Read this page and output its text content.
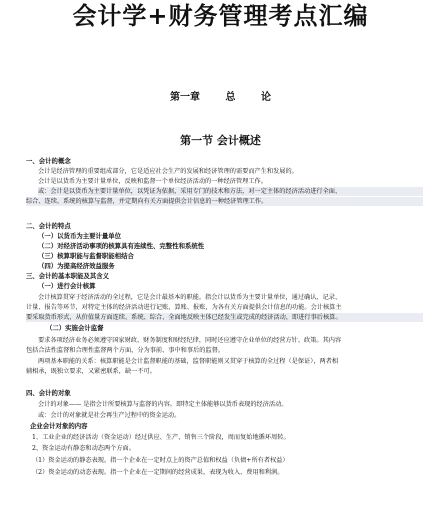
会计学+财务管理考点汇编
第一章 总 论
第一节 会计概述
一、会计的概念
会计是经济管理的重要组成部分，它是适应社会生产的发展和经济管理的需要而产生和发展的。
会计是以货币为主要计量单位，反映和监督一个单位经济活动的一种经济管理工作。
或：会计是以货币为主要计量单位，以凭证为依据，采用专门的技术和方法，对一定主体的经济活动进行全面、
综合、连续、系统的核算与监督，并定期向有关方面提供会计信息的一种经济管理工作。
二、会计的特点
（一）以货币为主要计量单位
（二）对经济活动事项的核算具有连续性、完整性和系统性
（三）核算职能与监督职能相结合
（四）为提高经济效益服务
三、会计的基本职能及其含义
（一）进行会计核算
会计核算贯穿于经济活动的全过程，它是会计最基本的职能。指会计以货币为主要计量单位，通过确认、记录、
计量、报告等环节，对特定主体的经济活动进行记账、算账、报账，为各有关方面提供会计信息的功能。会计核算主
要采取货币形式，从价值量方面连续、系统、综合、全面地反映主体已经发生或完成的经济活动，即进行事后核算。
（二）实施会计监督
要求各项经济业务必须遵守国家财政、财务制度和财经纪律，同时还应遵守企业单位的经营方针、政策。其内容
包括合法性监督和合理性监督两个方面，分为事前、事中和事后的监督。
两项基本职能的关系：核算职能是会计监督职能的基础，监督职能则又贯穿于核算的全过程（是保证），两者相
辅相承，既独立要求，又紧密联系，缺一不可。
四、会计的对象
会计的对象—— 是指会计所要核算与监督的内容。即特定主体能够以货币表现的经济活动。
或：会计的对象就是社会再生产过程中的资金运动。
企业会计对象的内容
1、工业企业的经济活动（资金运动）经过供应、生产、销售三个阶段，周而复始地循环周转。
2、资金运动有静态和动态两个方面。
（1）资金运动的静态表现。指一个企业在一定时点上的资产总值和权益（负债+所有者权益）
（2）资金运动的动态表现。指一个企业在一定期间的经营成果，表现为收入、费用和利润。
